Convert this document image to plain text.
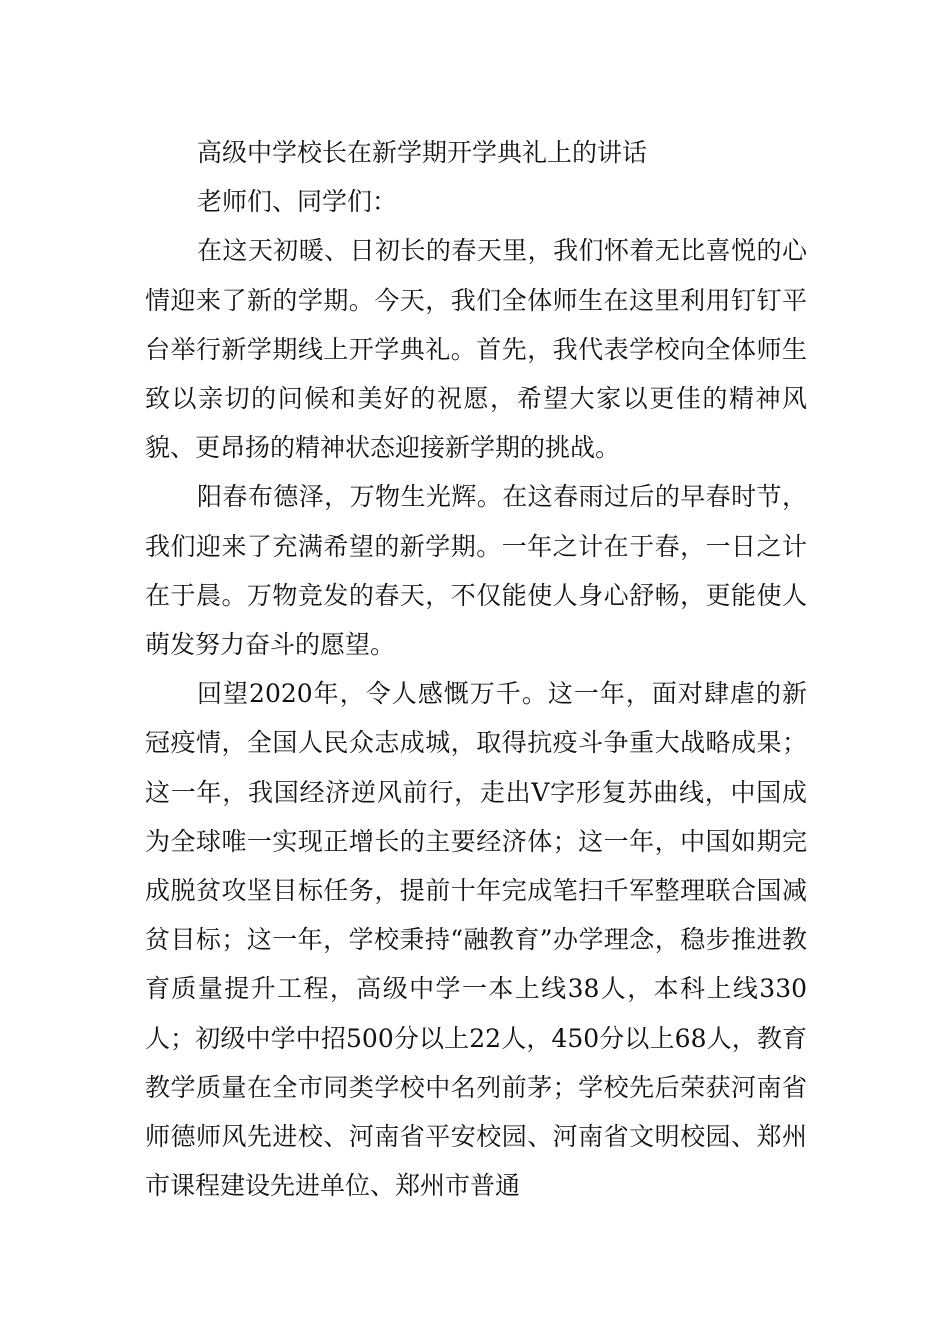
高级中学校长在新学期开学典礼上的讲话

老师们、同学们：

在这天初暖、日初长的春天里，我们怀着无比喜悦的心情迎来了新的学期。今天，我们全体师生在这里利用钉钉平台举行新学期线上开学典礼。首先，我代表学校向全体师生致以亲切的问候和美好的祝愿，希望大家以更佳的精神风貌、更昂扬的精神状态迎接新学期的挑战。

阳春布德泽，万物生光辉。在这春雨过后的早春时节，我们迎来了充满希望的新学期。一年之计在于春，一日之计在于晨。万物竞发的春天，不仅能使人身心舒畅，更能使人萌发努力奋斗的愿望。

回望2020年，令人感慨万千。这一年，面对肆虐的新冠疫情，全国人民众志成城，取得抗疫斗争重大战略成果；这一年，我国经济逆风前行，走出V字形复苏曲线，中国成为全球唯一实现正增长的主要经济体；这一年，中国如期完成脱贫攻坚目标任务，提前十年完成笔扫千军整理联合国减贫目标；这一年，学校秉持“融教育”办学理念，稳步推进教育质量提升工程，高级中学一本上线38人，本科上线330人；初级中学中招500分以上22人，450分以上68人，教育教学质量在全市同类学校中名列前茅；学校先后荣获河南省师德师风先进校、河南省平安校园、河南省文明校园、郑州市课程建设先进单位、郑州市普通
